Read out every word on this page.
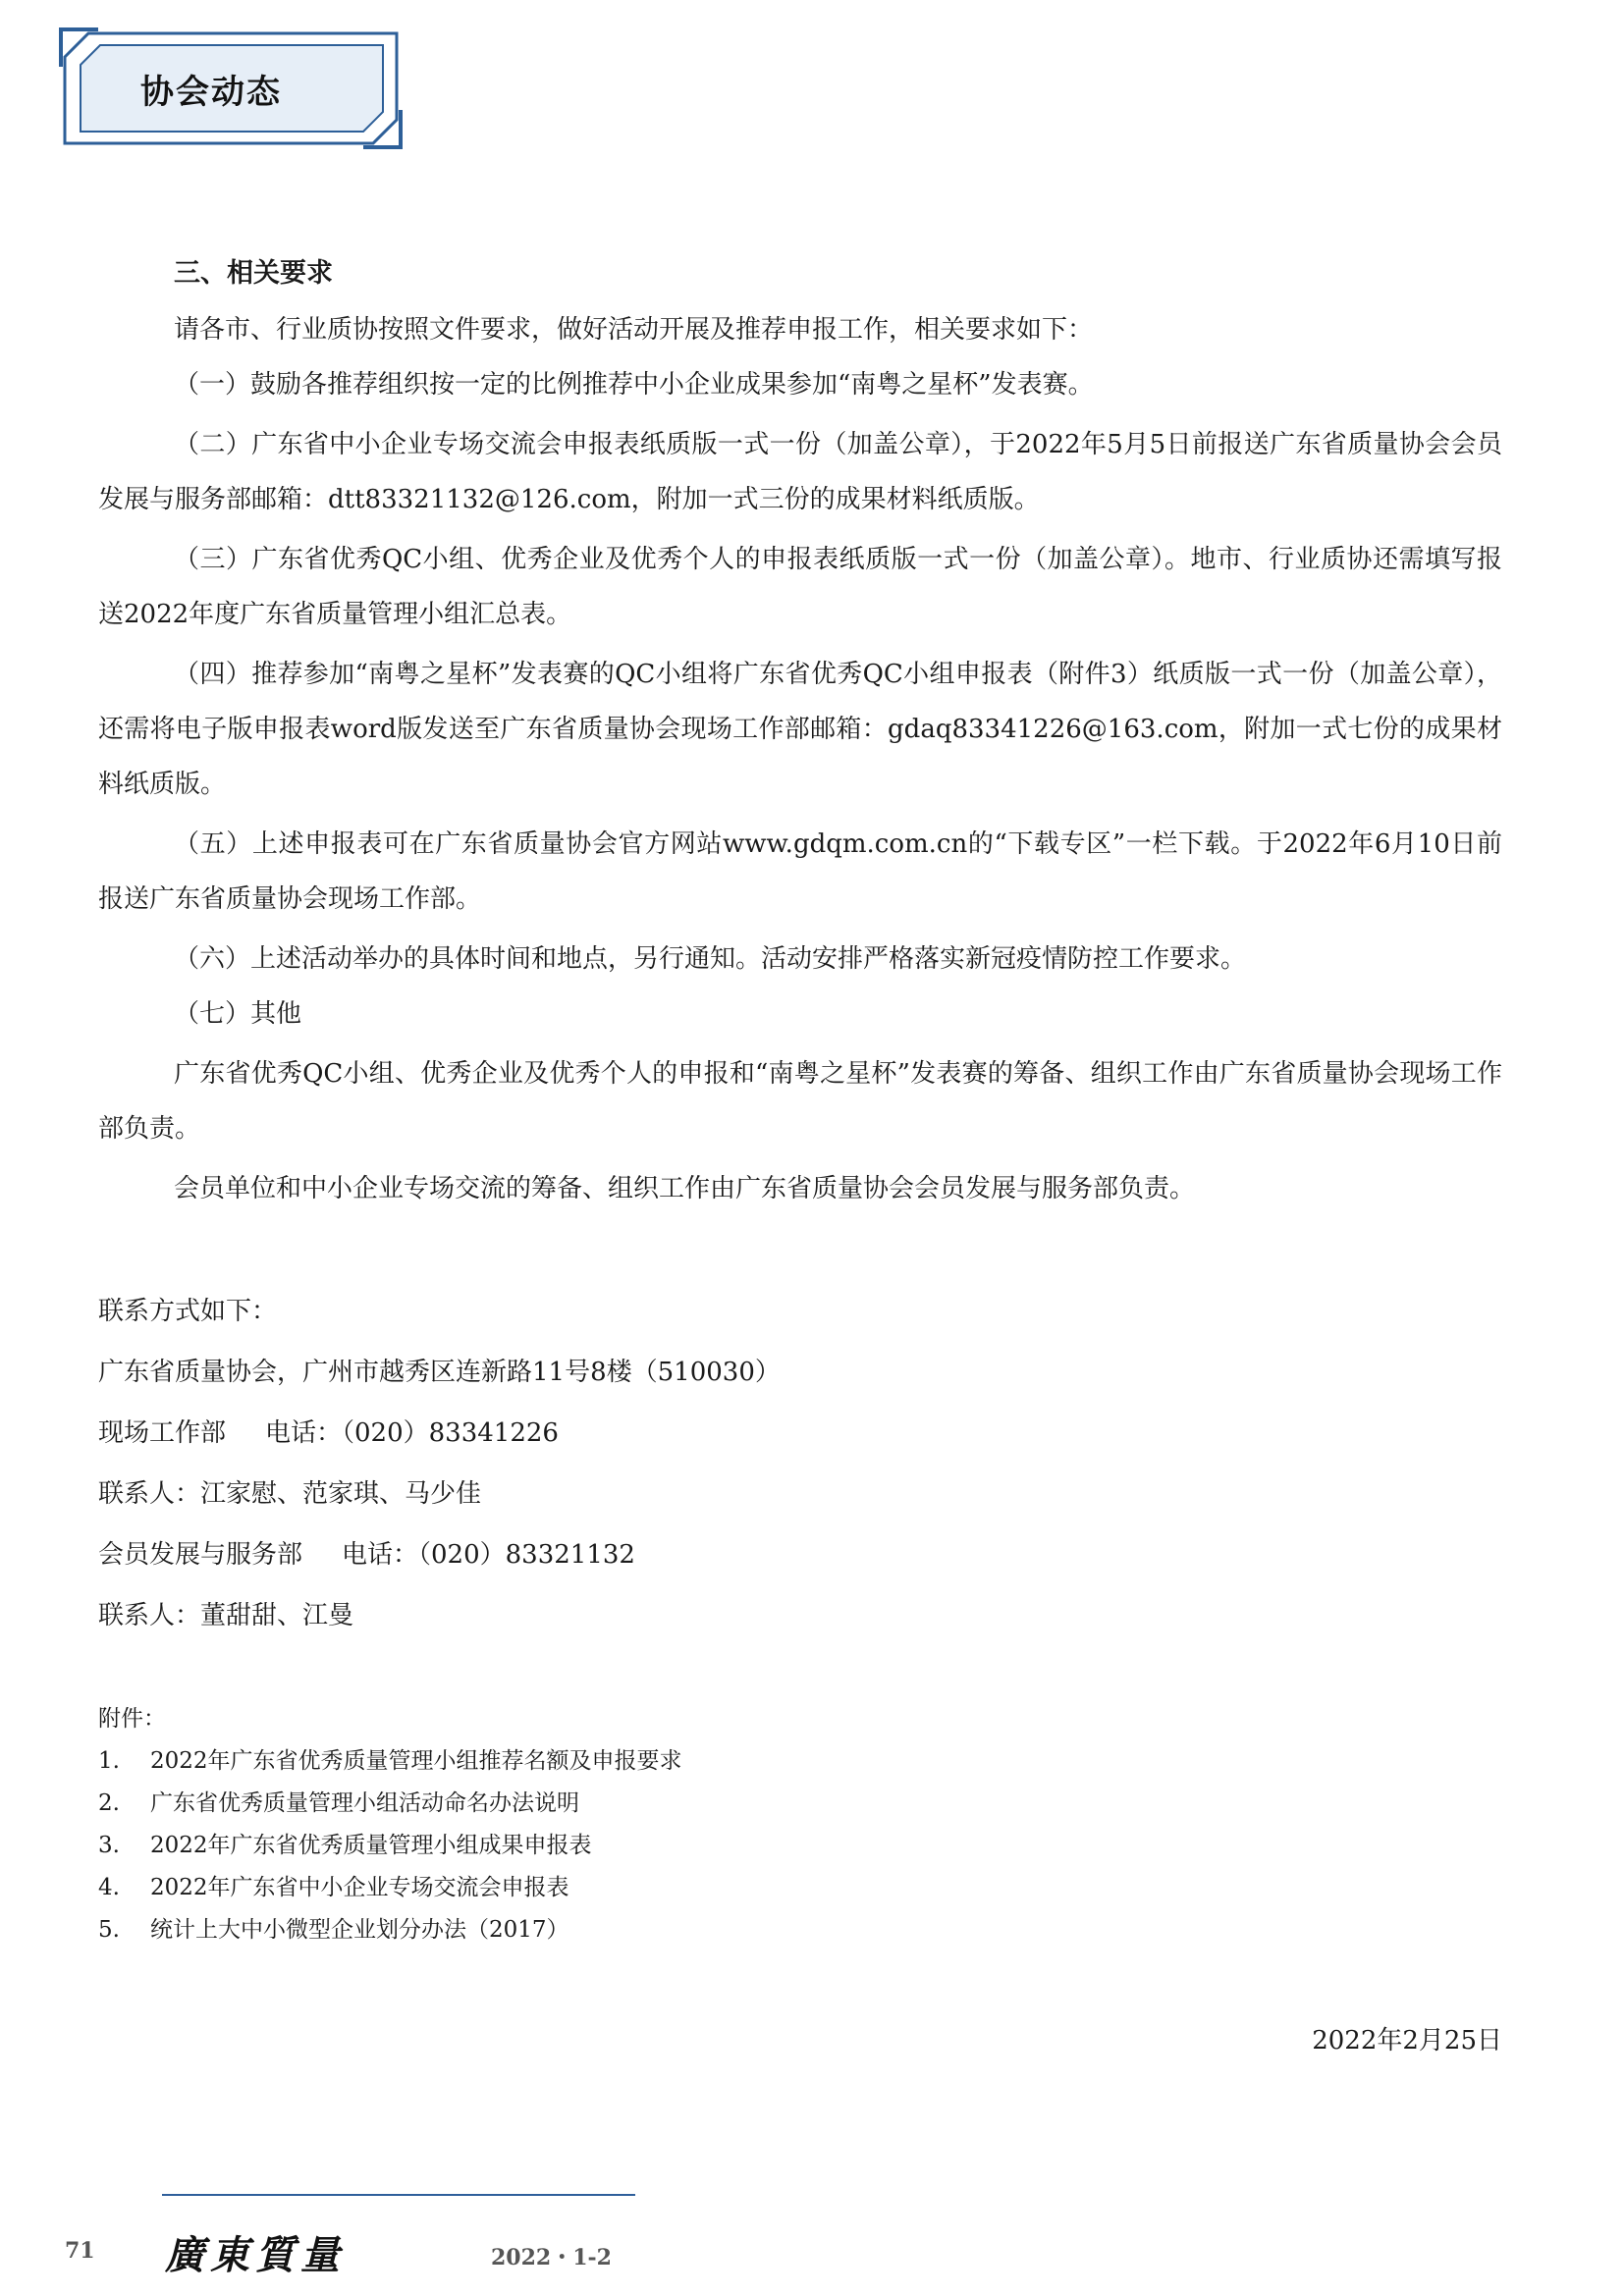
协会动态
三、相关要求

请各市、行业质协按照文件要求，做好活动开展及推荐申报工作，相关要求如下：

（一）鼓励各推荐组织按一定的比例推荐中小企业成果参加“南粤之星杯”发表赛。

（二）广东省中小企业专场交流会申报表纸质版一式一份（加盖公章），于2022年5月5日前报送广东省质量协会会员发展与服务部邮箱：dtt83321132@126.com，附加一式三份的成果材料纸质版。

（三）广东省优秀QC小组、优秀企业及优秀个人的申报表纸质版一式一份（加盖公章）。地市、行业质协还需填写报送2022年度广东省质量管理小组汇总表。

（四）推荐参加“南粤之星杯”发表赛的QC小组将广东省优秀QC小组申报表（附件3）纸质版一式一份（加盖公章），还需将电子版申报表word版发送至广东省质量协会现场工作部邮箱：gdaq83341226@163.com，附加一式七份的成果材料纸质版。

（五）上述申报表可在广东省质量协会官方网站www.gdqm.com.cn的“下载专区”一栏下载。于2022年6月10日前报送广东省质量协会现场工作部。

（六）上述活动举办的具体时间和地点，另行通知。活动安排严格落实新冠疫情防控工作要求。

（七）其他

广东省优秀QC小组、优秀企业及优秀个人的申报和“南粤之星杯”发表赛的筹备、组织工作由广东省质量协会现场工作部负责。

会员单位和中小企业专场交流的筹备、组织工作由广东省质量协会会员发展与服务部负责。

联系方式如下：

广东省质量协会，广州市越秀区连新路11号8楼（510030）

现场工作部 电话：（020）83341226

联系人：江家慰、范家琪、马少佳

会员发展与服务部 电话：（020）83321132

联系人：董甜甜、江曼

附件：

1. 2022年广东省优秀质量管理小组推荐名额及申报要求

2. 广东省优秀质量管理小组活动命名办法说明

3. 2022年广东省优秀质量管理小组成果申报表

4. 2022年广东省中小企业专场交流会申报表

5. 统计上大中小微型企业划分办法（2017）

2022年2月25日
71 廣東質量	2022・1-2
